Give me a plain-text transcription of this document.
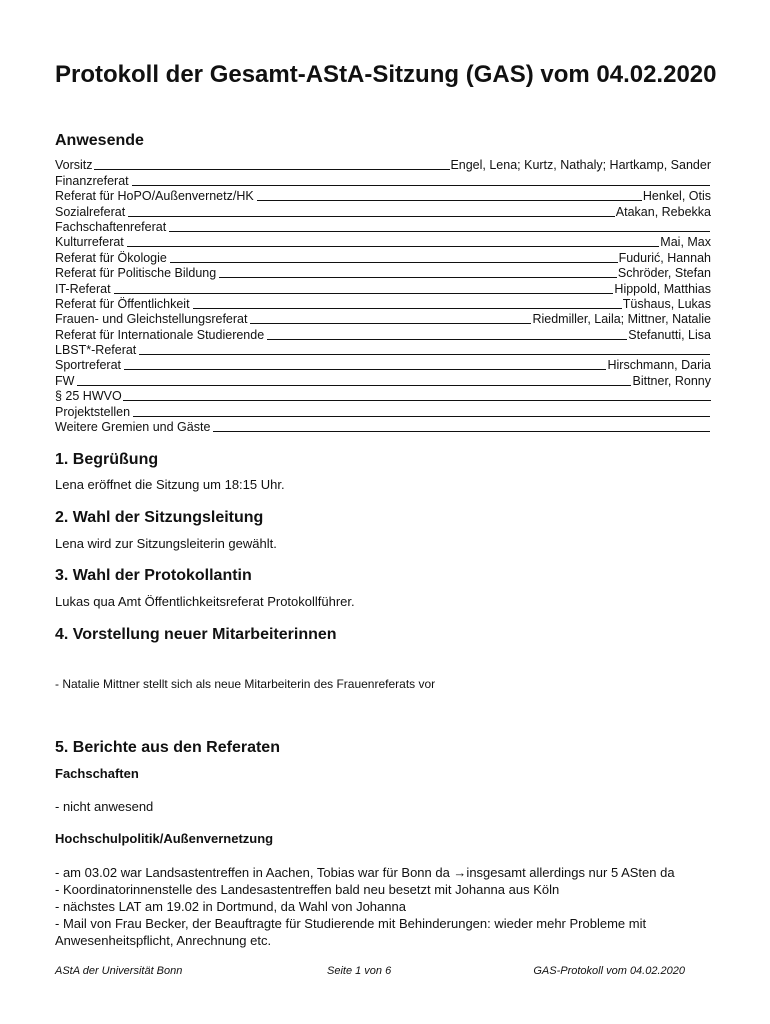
Protokoll der Gesamt-AStA-Sitzung (GAS) vom 04.02.2020
Anwesende
Vorsitz	Engel, Lena; Kurtz, Nathaly; Hartkamp, Sander
Finanzreferat
Referat für HoPO/Außenvernetz/HK	Henkel, Otis
Sozialreferat	Atakan, Rebekka
Fachschaftenreferat
Kulturreferat	Mai, Max
Referat für Ökologie	Fudurić, Hannah
Referat für Politische Bildung	Schröder, Stefan
IT-Referat	Hippold, Matthias
Referat für Öffentlichkeit	Tüshaus, Lukas
Frauen- und Gleichstellungsreferat	Riedmiller, Laila; Mittner, Natalie
Referat für Internationale Studierende	Stefanutti, Lisa
LBST*-Referat
Sportreferat	Hirschmann, Daria
FW	Bittner, Ronny
§ 25 HWVO
Projektstellen
Weitere Gremien und Gäste
1. Begrüßung

Lena eröffnet die Sitzung um 18:15 Uhr.

2. Wahl der Sitzungsleitung

Lena wird zur Sitzungsleiterin gewählt.

3. Wahl der Protokollantin

Lukas qua Amt Öffentlichkeitsreferat Protokollführer.

4. Vorstellung neuer Mitarbeiterinnen

- Natalie Mittner stellt sich als neue Mitarbeiterin des Frauenreferats vor

5. Berichte aus den Referaten
Fachschaften

- nicht anwesend

Hochschulpolitik/Außenvernetzung
- am 03.02 war Landsastentreffen in Aachen, Tobias war für Bonn da →insgesamt allerdings nur 5 ASten da
- Koordinatorinnenstelle des Landesastentreffen bald neu besetzt mit Johanna aus Köln
- nächstes LAT am 19.02 in Dortmund, da Wahl von Johanna
- Mail von Frau Becker, der Beauftragte für Studierende mit Behinderungen: wieder mehr Probleme mit Anwesenheitspflicht, Anrechnung etc.
AStA der Universität Bonn	Seite 1 von 6	GAS-Protokoll vom 04.02.2020
